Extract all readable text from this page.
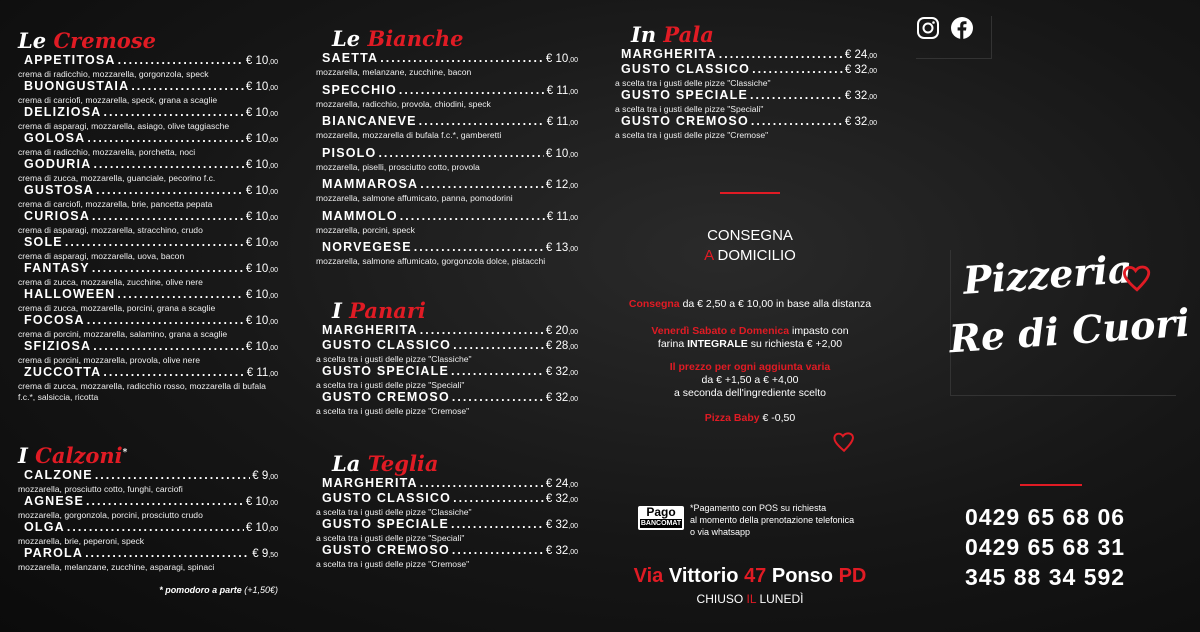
Le Cremose
APPETITOSA .....	€ 10,00
crema di radicchio, mozzarella, gorgonzola, speck
BUONGUSTAIA .....	€ 10,00
crema di carciofi, mozzarella, speck, grana a scaglie
DELIZIOSA .....	€ 10,00
crema di asparagi, mozzarella, asiago, olive taggiasche
GOLOSA .....	€ 10,00
crema di radicchio, mozzarella, porchetta, noci
GODURIA .....	€ 10,00
crema di zucca, mozzarella, guanciale, pecorino f.c.
GUSTOSA .....	€ 10,00
crema di carciofi, mozzarella, brie, pancetta pepata
CURIOSA .....	€ 10,00
crema di asparagi, mozzarella, stracchino, crudo
SOLE .....	€ 10,00
crema di asparagi, mozzarella, uova, bacon
FANTASY .....	€ 10,00
crema di zucca, mozzarella, zucchine, olive nere
HALLOWEEN .....	€ 10,00
crema di zucca, mozzarella, porcini, grana a scaglie
FOCOSA .....	€ 10,00
crema di porcini, mozzarella, salamino, grana a scaglie
SFIZIOSA .....	€ 10,00
crema di porcini, mozzarella, provola, olive nere
ZUCCOTTA .....	€ 11,00
crema di zucca, mozzarella, radicchio rosso, mozzarella di bufala f.c.*, salsiccia, ricotta
I Calzoni*
CALZONE .....	€ 9,00
mozzarella, prosciutto cotto, funghi, carciofi
AGNESE .....	€ 10,00
mozzarella, gorgonzola, porcini, prosciutto crudo
OLGA .....	€ 10,00
mozzarella, brie, peperoni, speck
PAROLA .....	€ 9,50
mozzarella, melanzane, zucchine, asparagi, spinaci
* pomodoro a parte (+1,50€)
Le Bianche
SAETTA .....	€ 10,00
mozzarella, melanzane, zucchine, bacon
SPECCHIO .....	€ 11,00
mozzarella, radicchio, provola, chiodini, speck
BIANCANEVE .....	€ 11,00
mozzarella, mozzarella di bufala f.c.*, gamberetti
PISOLO .....	€ 10,00
mozzarella, piselli, prosciutto cotto, provola
MAMMAROSA .....	€ 12,00
mozzarella, salmone affumicato, panna, pomodorini
MAMMOLO .....	€ 11,00
mozzarella, porcini, speck
NORVEGESE .....	€ 13,00
mozzarella, salmone affumicato, gorgonzola dolce, pistacchi
I Panari
MARGHERITA .....	€ 20,00
GUSTO CLASSICO .....	€ 28,00
a scelta tra i gusti delle pizze "Classiche"
GUSTO SPECIALE .....	€ 32,00
a scelta tra i gusti delle pizze "Speciali"
GUSTO CREMOSO .....	€ 32,00
a scelta tra i gusti delle pizze "Cremose"
La Teglia
MARGHERITA .....	€ 24,00
GUSTO CLASSICO .....	€ 32,00
a scelta tra i gusti delle pizze "Classiche"
GUSTO SPECIALE .....	€ 32,00
a scelta tra i gusti delle pizze "Speciali"
GUSTO CREMOSO .....	€ 32,00
a scelta tra i gusti delle pizze "Cremose"
In Pala
MARGHERITA .....	€ 24,00
GUSTO CLASSICO .....	€ 32,00
a scelta tra i gusti delle pizze "Classiche"
GUSTO SPECIALE .....	€ 32,00
a scelta tra i gusti delle pizze "Speciali"
GUSTO CREMOSO .....	€ 32,00
a scelta tra i gusti delle pizze "Cremose"
CONSEGNA
A DOMICILIO
Consegna da € 2,50 a € 10,00 in base alla distanza
Venerdì Sabato e Domenica impasto con
farina INTEGRALE su richiesta € +2,00
Il prezzo per ogni aggiunta varia
da € +1,50 a € +4,00
a seconda dell'ingrediente scelto
Pizza Baby € -0,50
Pago
BANCOMAT
*Pagamento con POS su richiesta
al momento della prenotazione telefonica
o via whatsapp
Via Vittorio 47 Ponso PD
CHIUSO IL LUNEDÌ
Pizzeria
Re di Cuori
0429 65 68 06
0429 65 68 31
345 88 34 592
